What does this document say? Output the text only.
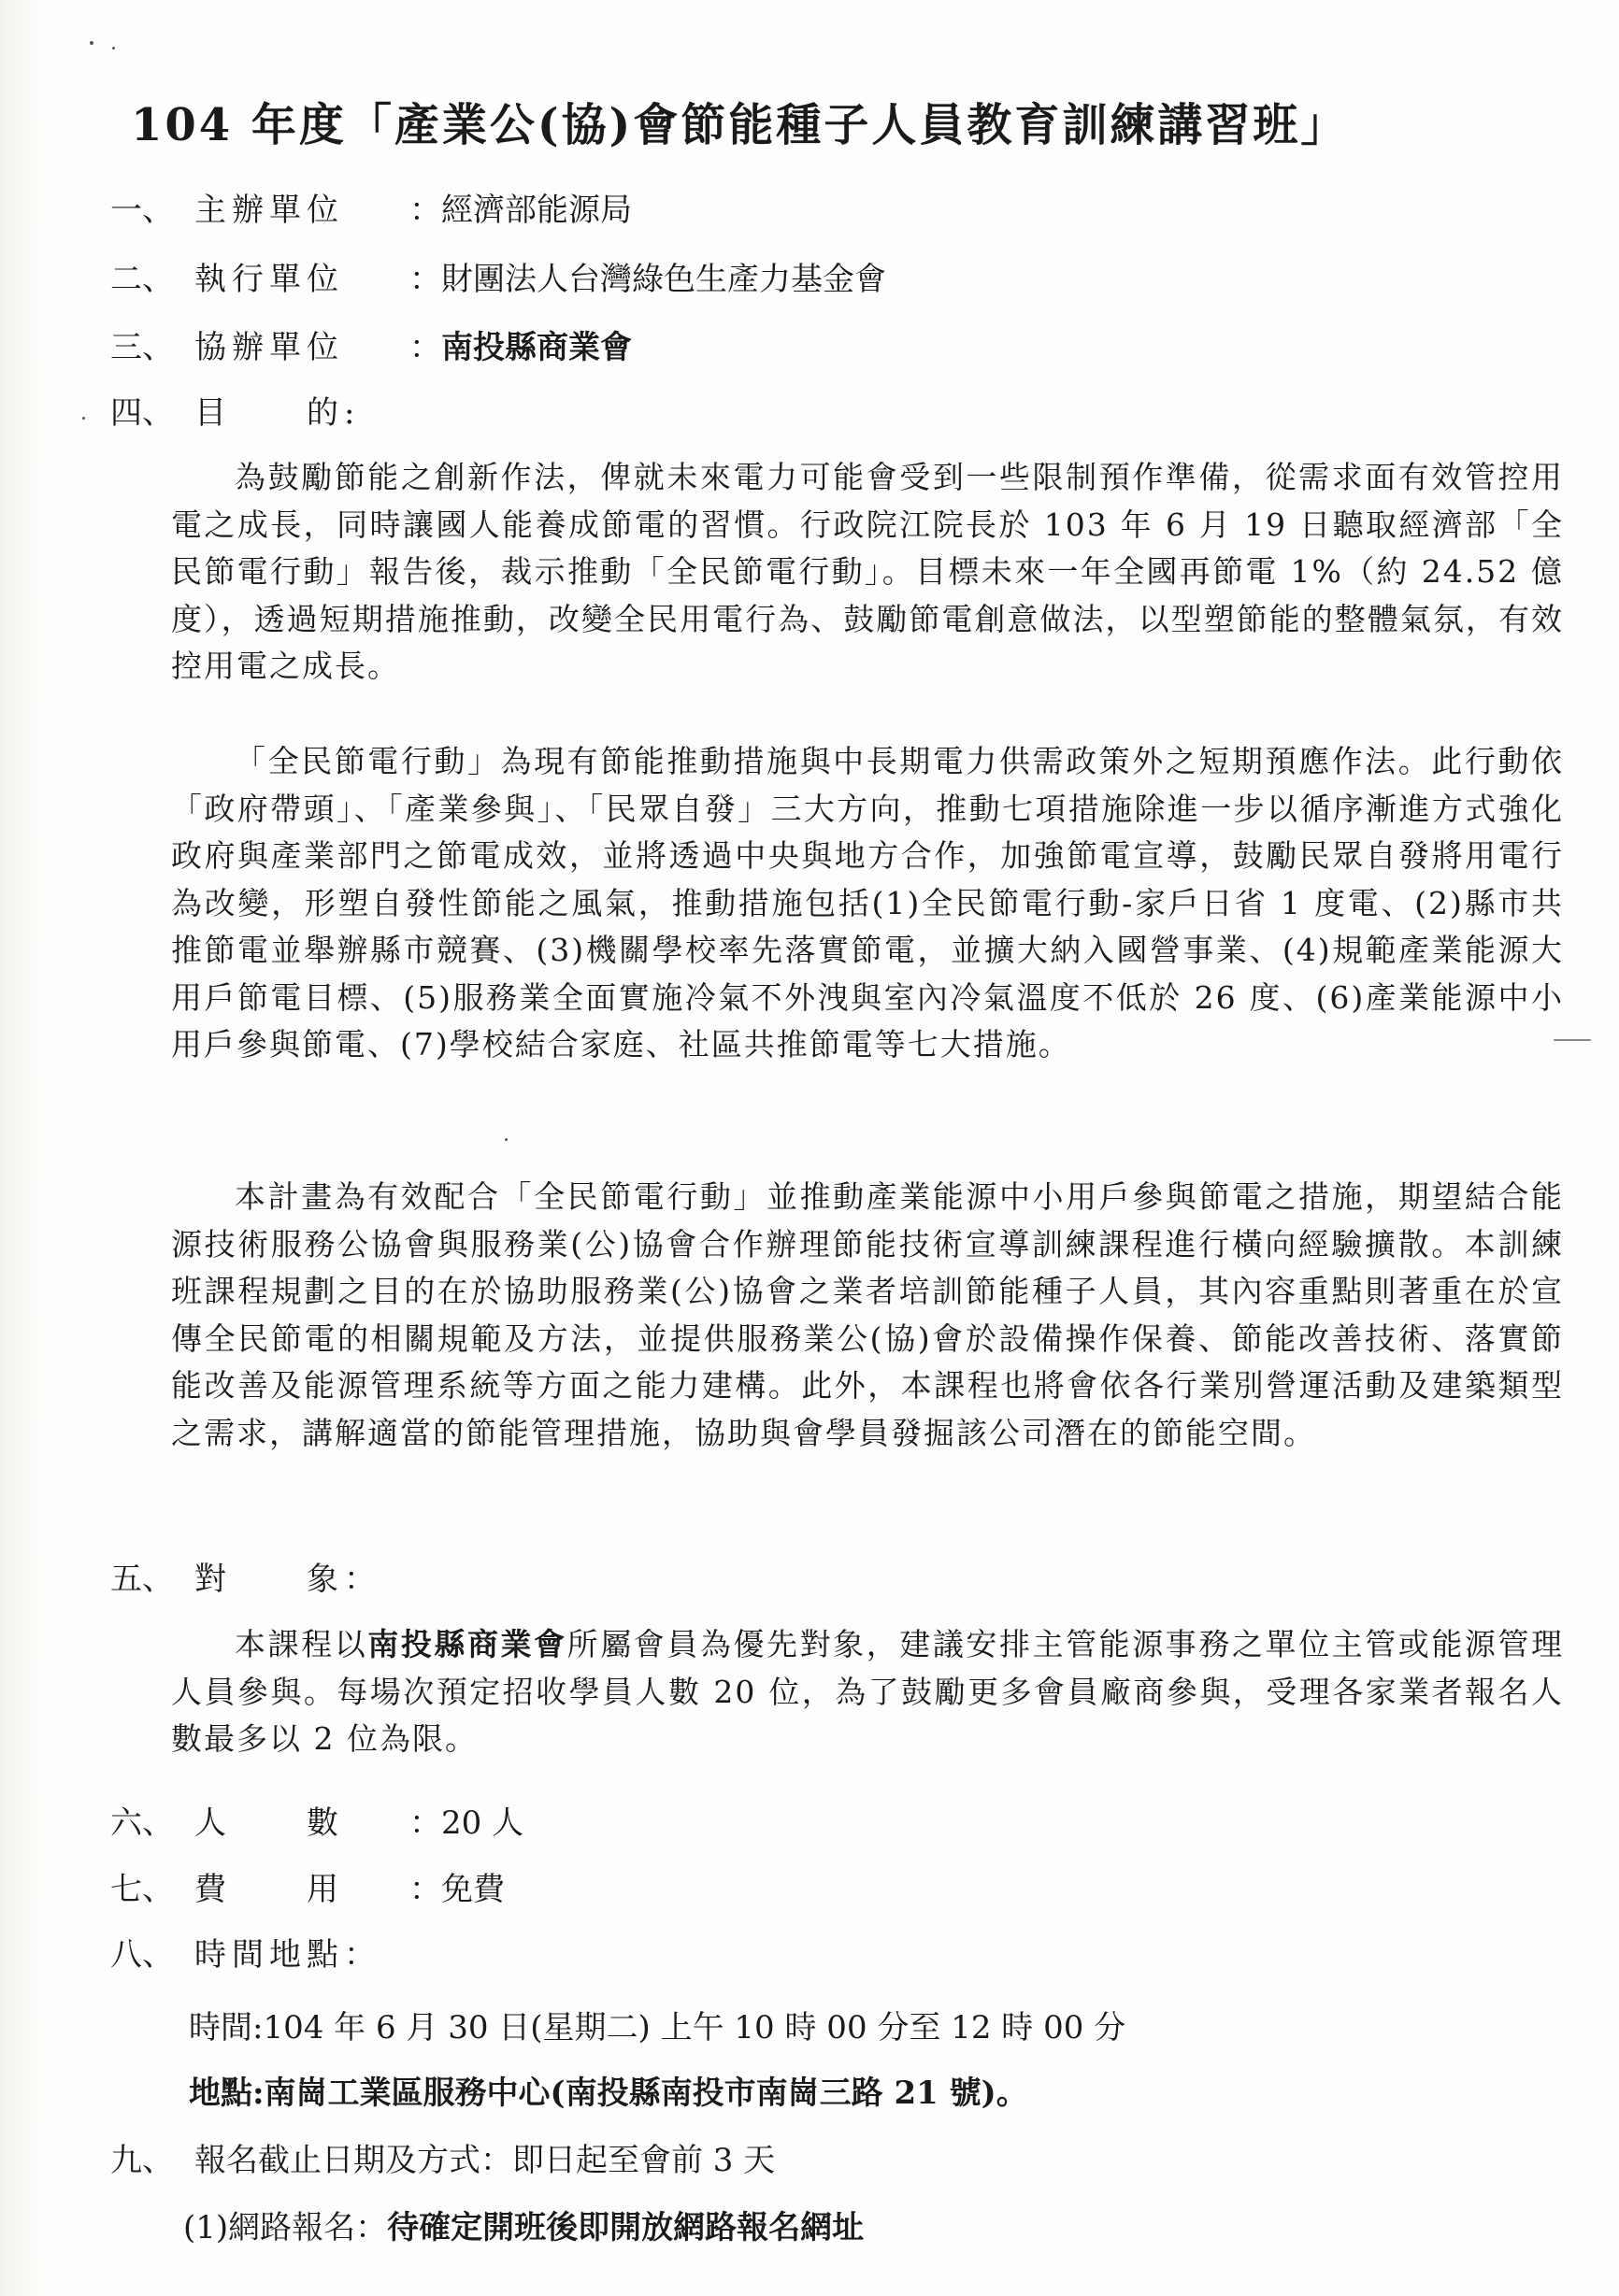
104 年度「產業公(協)會節能種子人員教育訓練講習班」
一、 主辦單位 ：經濟部能源局
二、 執行單位 ：財團法人台灣綠色生產力基金會
三、 協辦單位 ：南投縣商業會
四、 目　　的:
為鼓勵節能之創新作法，俾就未來電力可能會受到一些限制預作準備，從需求面有效管控用電之成長，同時讓國人能養成節電的習慣。行政院江院長於 103 年 6 月 19 日聽取經濟部「全民節電行動」報告後，裁示推動「全民節電行動」。目標未來一年全國再節電 1%（約 24.52 億度），透過短期措施推動，改變全民用電行為、鼓勵節電創意做法，以型塑節能的整體氣氛，有效控用電之成長。
「全民節電行動」為現有節能推動措施與中長期電力供需政策外之短期預應作法。此行動依「政府帶頭」、「產業參與」、「民眾自發」三大方向，推動七項措施除進一步以循序漸進方式強化政府與產業部門之節電成效，並將透過中央與地方合作，加強節電宣導，鼓勵民眾自發將用電行為改變，形塑自發性節能之風氣，推動措施包括(1)全民節電行動-家戶日省 1 度電、(2)縣市共推節電並舉辦縣市競賽、(3)機關學校率先落實節電，並擴大納入國營事業、(4)規範產業能源大用戶節電目標、(5)服務業全面實施冷氣不外洩與室內冷氣溫度不低於 26 度、(6)產業能源中小用戶參與節電、(7)學校結合家庭、社區共推節電等七大措施。
本計畫為有效配合「全民節電行動」並推動產業能源中小用戶參與節電之措施，期望結合能源技術服務公協會與服務業(公)協會合作辦理節能技術宣導訓練課程進行橫向經驗擴散。本訓練班課程規劃之目的在於協助服務業(公)協會之業者培訓節能種子人員，其內容重點則著重在於宣傳全民節電的相關規範及方法，並提供服務業公(協)會於設備操作保養、節能改善技術、落實節能改善及能源管理系統等方面之能力建構。此外，本課程也將會依各行業別營運活動及建築類型之需求，講解適當的節能管理措施，協助與會學員發掘該公司潛在的節能空間。
五、 對　　象：
本課程以南投縣商業會所屬會員為優先對象，建議安排主管能源事務之單位主管或能源管理人員參與。每場次預定招收學員人數 20 位，為了鼓勵更多會員廠商參與，受理各家業者報名人數最多以 2 位為限。
六、 人　　數 ：20 人
七、 費　　用 ：免費
八、 時間地點：
時間:104 年 6 月 30 日(星期二) 上午 10 時 00 分至 12 時 00 分
地點:南崗工業區服務中心(南投縣南投市南崗三路 21 號)。
九、 報名截止日期及方式：即日起至會前 3 天
(1)網路報名：待確定開班後即開放網路報名網址
